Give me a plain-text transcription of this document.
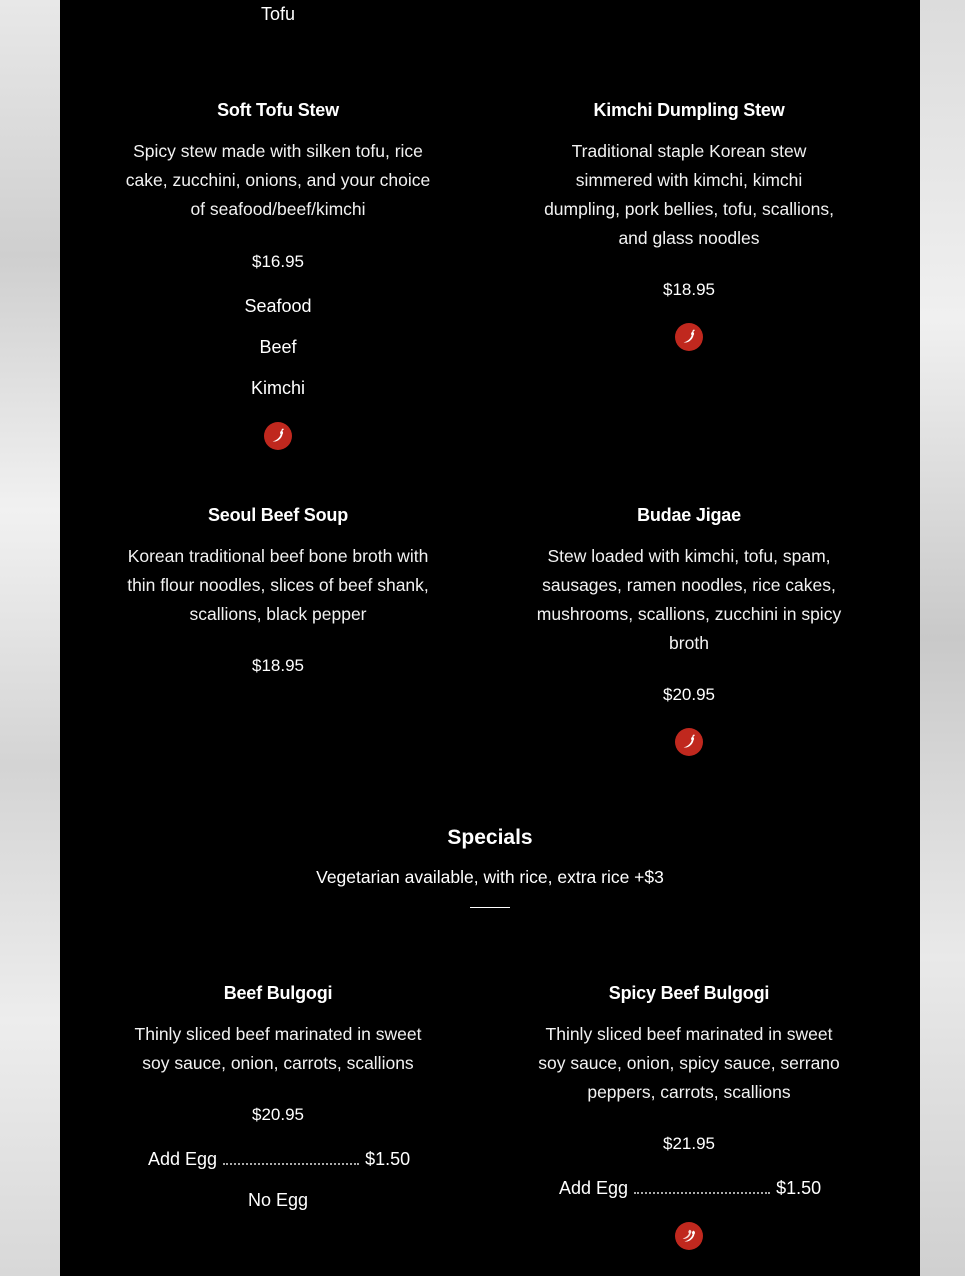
Tofu
Soft Tofu Stew
Spicy stew made with silken tofu, rice cake, zucchini, onions, and your choice of seafood/beef/kimchi
$16.95
Seafood
Beef
Kimchi
Kimchi Dumpling Stew
Traditional staple Korean stew simmered with kimchi, kimchi dumpling, pork bellies, tofu, scallions, and glass noodles
$18.95
Seoul Beef Soup
Korean traditional beef bone broth with thin flour noodles, slices of beef shank, scallions, black pepper
$18.95
Budae Jigae
Stew loaded with kimchi, tofu, spam, sausages, ramen noodles, rice cakes, mushrooms, scallions, zucchini in spicy broth
$20.95
Specials
Vegetarian available, with rice, extra rice +$3
Beef Bulgogi
Thinly sliced beef marinated in sweet soy sauce, onion, carrots, scallions
$20.95
Add Egg	$1.50
No Egg
Spicy Beef Bulgogi
Thinly sliced beef marinated in sweet soy sauce, onion, spicy sauce, serrano peppers, carrots, scallions
$21.95
Add Egg	$1.50
